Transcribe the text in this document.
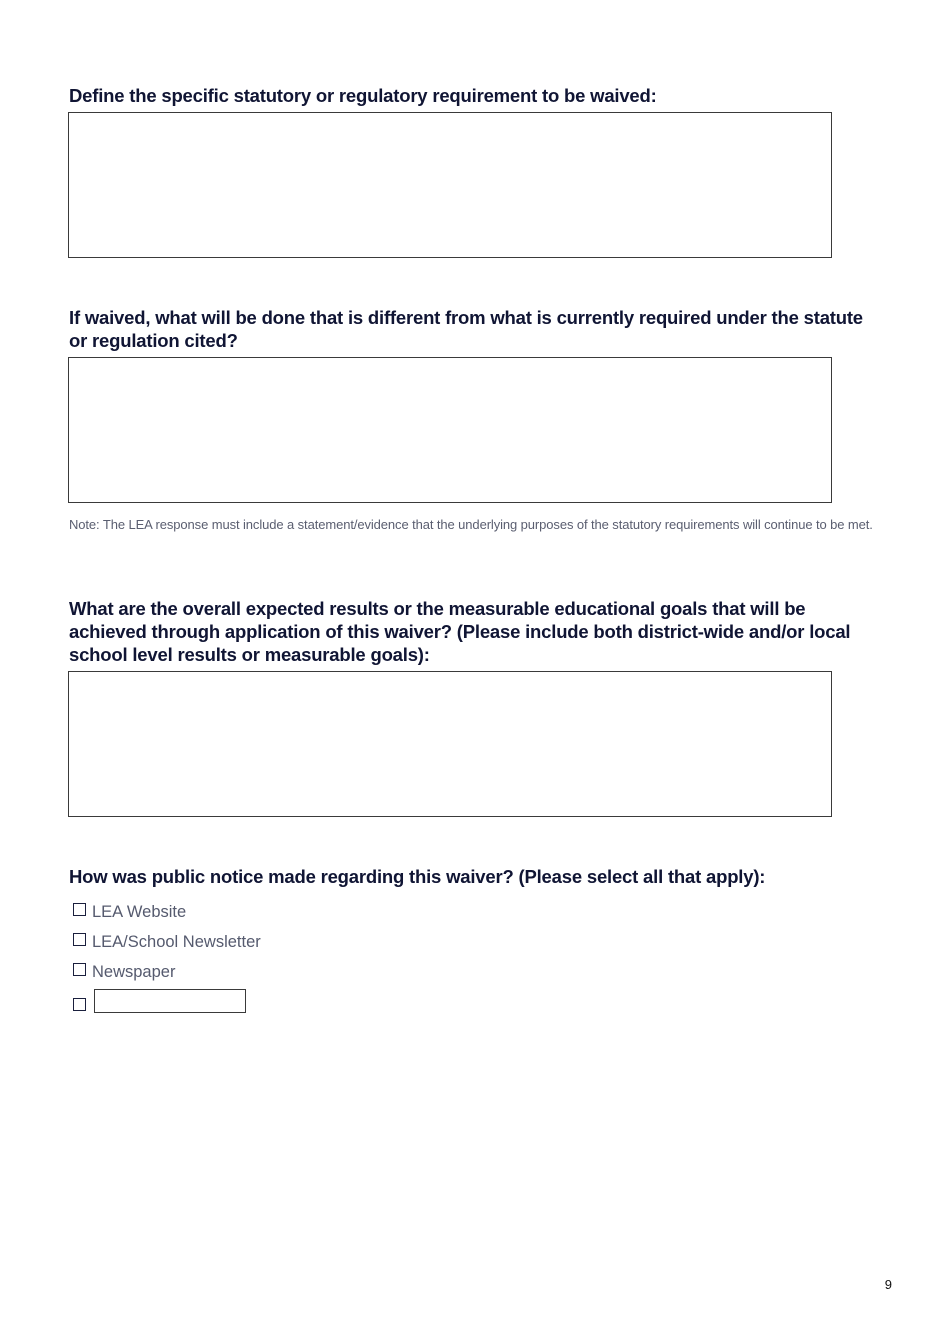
Define the specific statutory or regulatory requirement to be waived:
If waived, what will be done that is different from what is currently required under the statute or regulation cited?

Note: The LEA response must include a statement/evidence that the underlying purposes of the statutory requirements will continue to be met.

What are the overall expected results or the measurable educational goals that will be achieved through application of this waiver? (Please include both district-wide and/or local school level results or measurable goals):
How was public notice made regarding this waiver? (Please select all that apply):
LEA Website
LEA/School Newsletter
Newspaper
9
